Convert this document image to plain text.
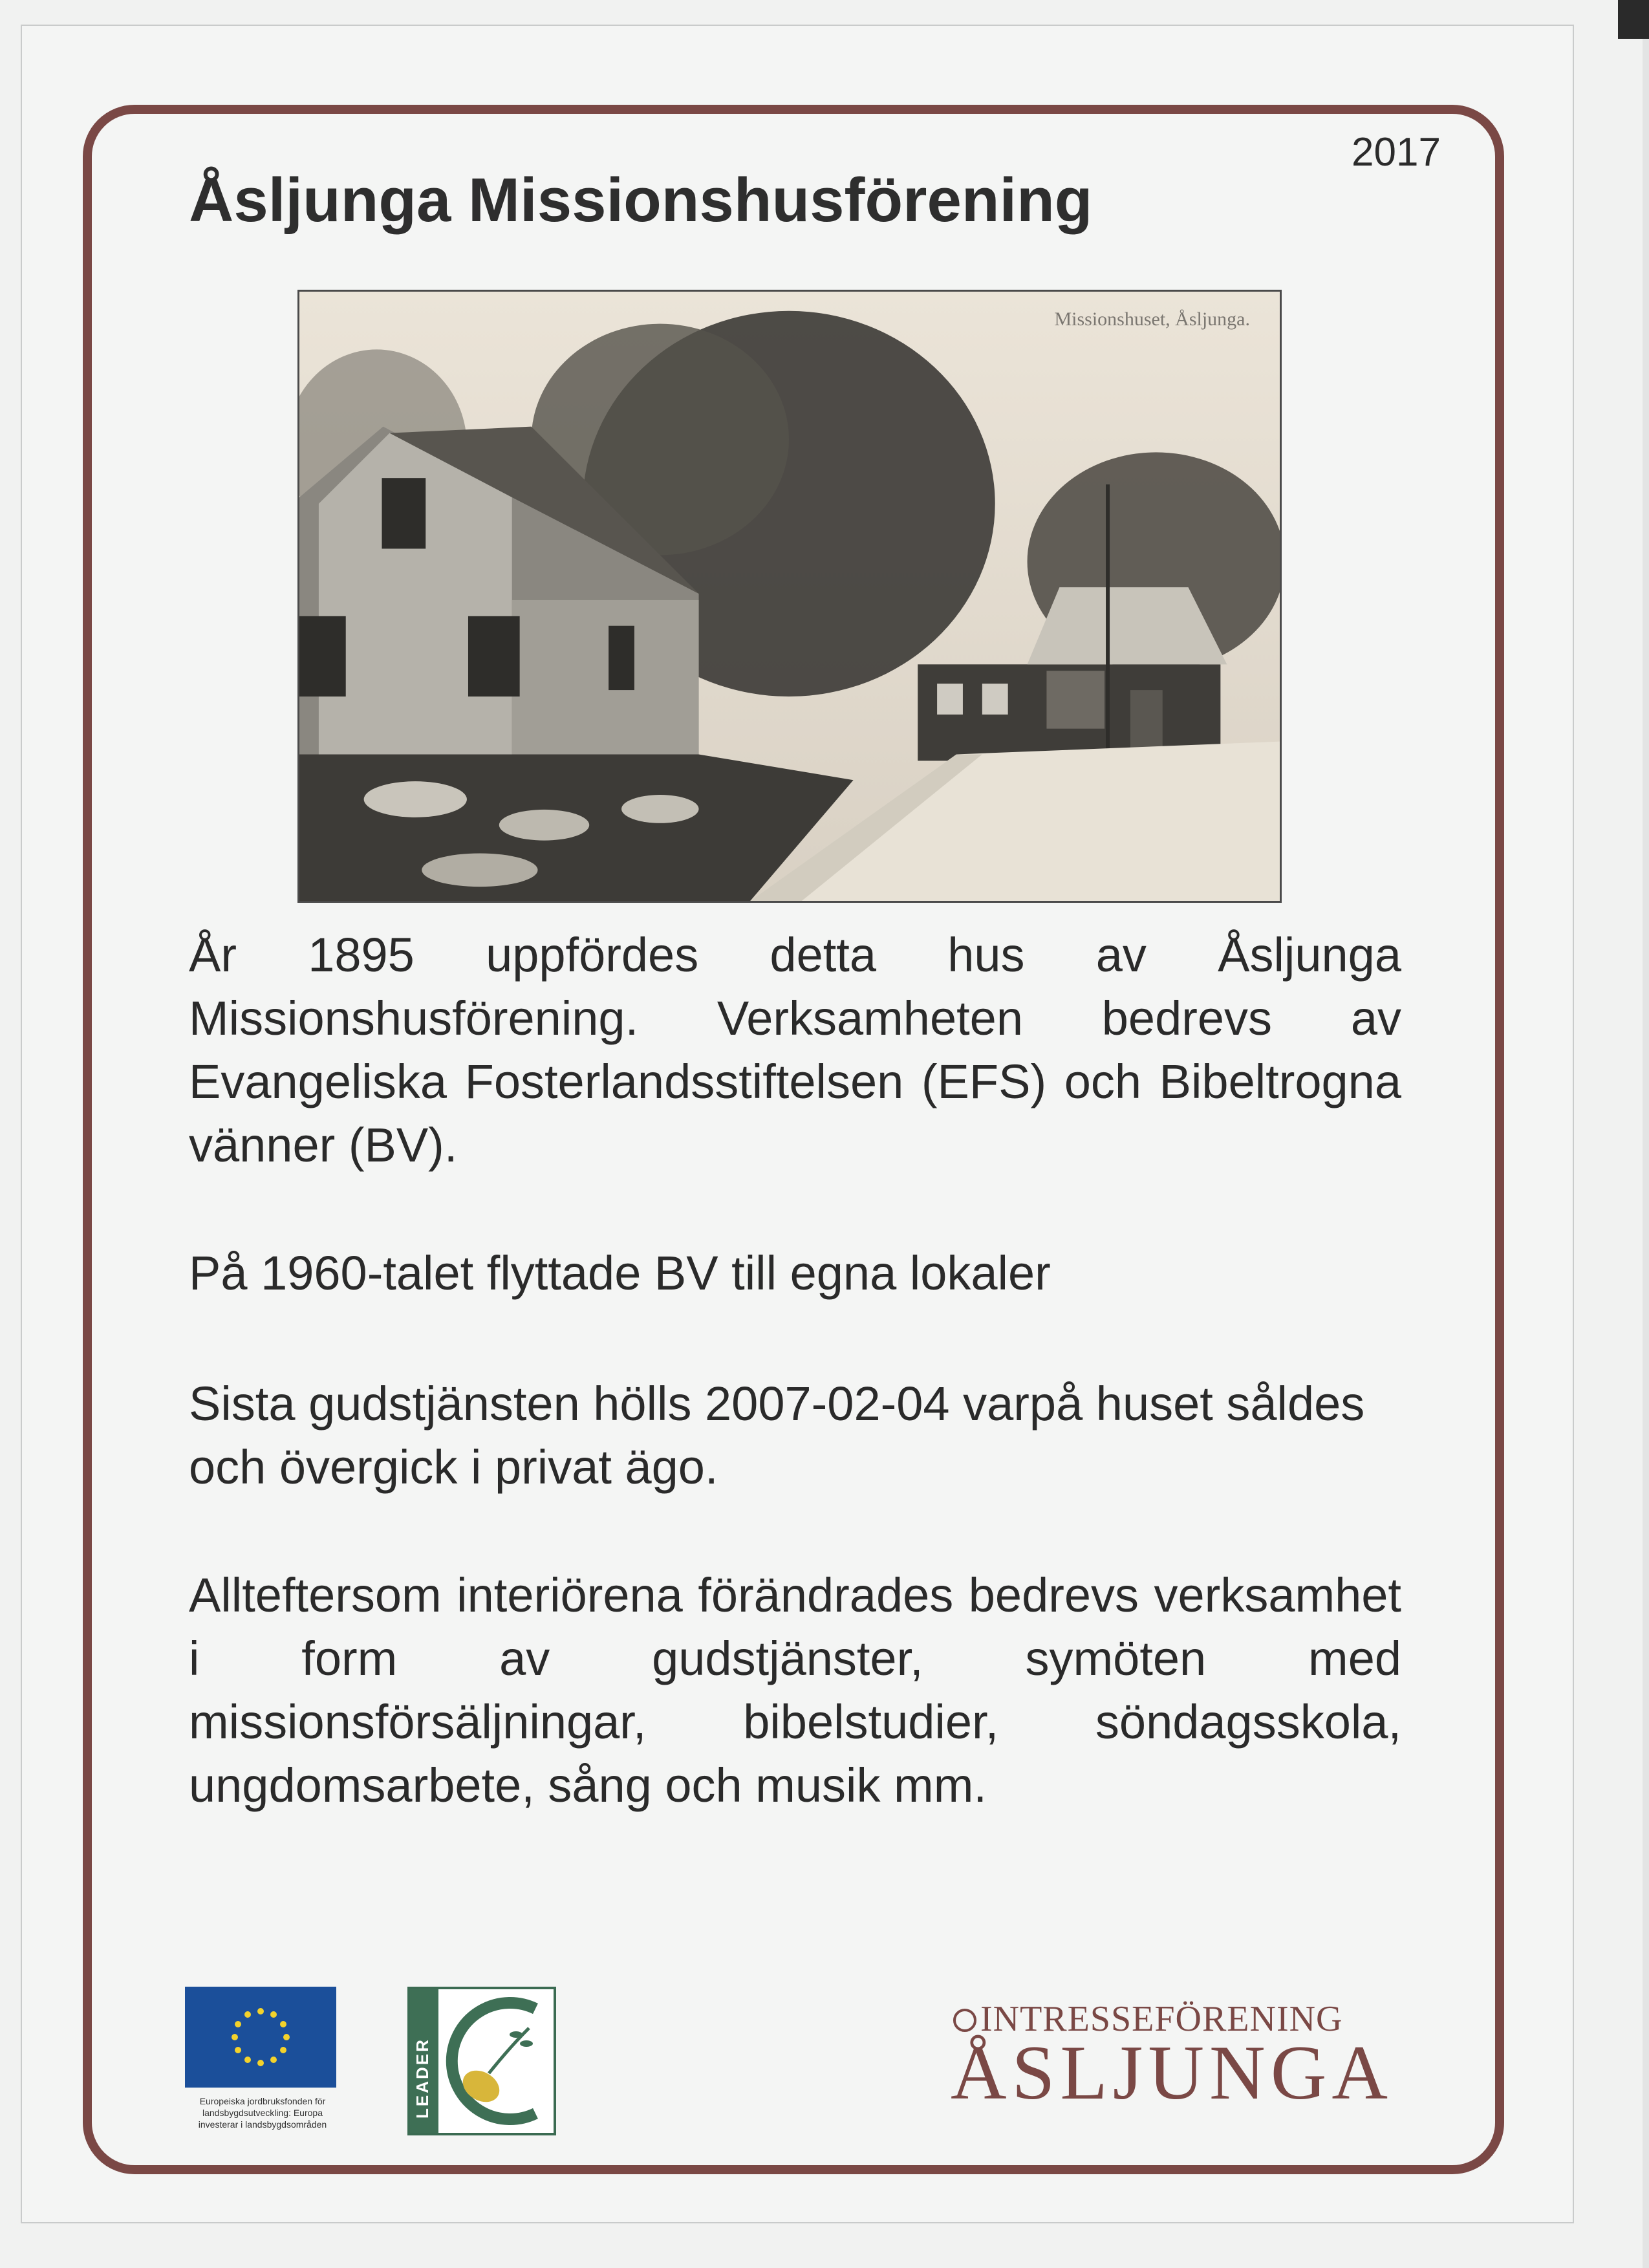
2017
Åsljunga Missionshusförening
Missionshuset, Åsljunga.
År 1895 uppfördes detta hus av Åsljunga Missionshusförening. Verksamheten bedrevs av Evangeliska Fosterlandsstiftelsen (EFS) och Bibeltrogna vänner (BV).
På 1960-talet flyttade BV till egna lokaler
Sista gudstjänsten hölls 2007-02-04 varpå huset såldes och övergick i privat ägo.
Allteftersom interiörena förändrades bedrevs verksamhet i form av gudstjänster, symöten med missionsförsäljningar, bibelstudier, söndagsskola, ungdomsarbete, sång och musik mm.
Europeiska jordbruksfonden för landsbygdsutveckling: Europa investerar i landsbygdsområden
LEADER
INTRESSEFÖRENING
ÅSLJUNGA
